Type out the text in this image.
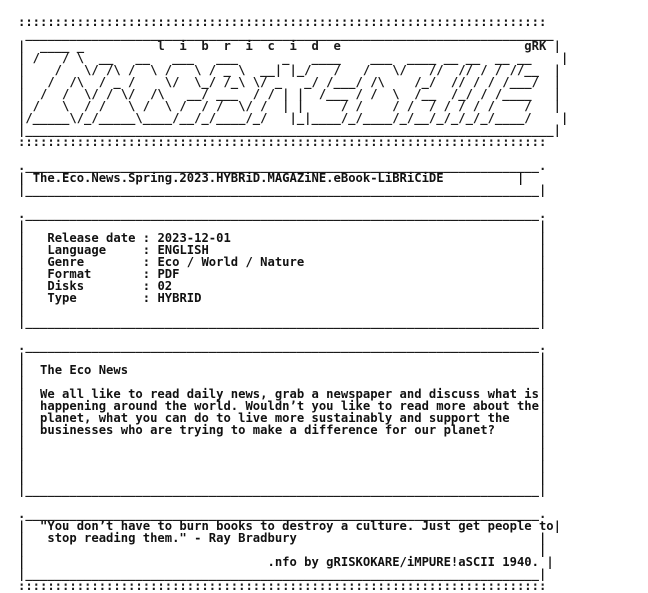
::::::::::::::::::::::::::::::::::::::::::::::::::::::::::::::::::::::::
________________________________________________________________________
|  ____ _          l  i  b  r  i  c  i  d  e                         gRK |
| /   / \  __   __   ___   ___      _   ____    ___  ____ __ __  __ __    |
|    /   \/ /\ /  \ /   \ / _ \  __| |_/   /   /   \/   //  // / / //__  |
|   /  /\  / _ /    \/  \_/ /_\ \/ _   _/ /___/ /\    /_/  // / / /___/  |
|  /  /  \/ / \/  /\   __/ ___  / / | |  /___ / /  \  /__  /_/ / /____   |
| /   \  / /   \ /  \ /  / /  \/ /  | |     / /    / /  / / / / /    /   |
|/_____\/_/_____\____/__/_/____/_/   |_|____/_/____/_/__/_/_/_/_/____/    |
|________________________________________________________________________|
::::::::::::::::::::::::::::::::::::::::::::::::::::::::::::::::::::::::

.______________________________________________________________________.
| The.Eco.News.Spring.2023.HYBRiD.MAGAZiNE.eBook-LiBRiCiDE          |
|______________________________________________________________________|

.______________________________________________________________________.
|                                                                      |
|   Release date : 2023-12-01                                          |
|   Language     : ENGLISH                                             |
|   Genre        : Eco / World / Nature                                |
|   Format       : PDF                                                 |
|   Disks        : 02                                                  |
|   Type         : HYBRID                                              |
|                                                                      |
|______________________________________________________________________|

.______________________________________________________________________.
|                                                                      |
|  The Eco News                                                        |
|                                                                      |
|  We all like to read daily news, grab a newspaper and discuss what is|
|  happening around the world. Wouldn’t you like to read more about the|
|  planet, what you can do to live more sustainably and support the    |
|  businesses who are trying to make a difference for our planet?      |
|                                                                      |
|                                                                      |
|                                                                      |
|                                                                      |
|______________________________________________________________________|

.______________________________________________________________________.
|  "You don’t have to burn books to destroy a culture. Just get people to|
|   stop reading them." - Ray Bradbury                                 |
|                                                                      |
|                                 .nfo by gRISKOKARE/iMPURE!aSCII 1940. |
|______________________________________________________________________|
::::::::::::::::::::::::::::::::::::::::::::::::::::::::::::::::::::::::
